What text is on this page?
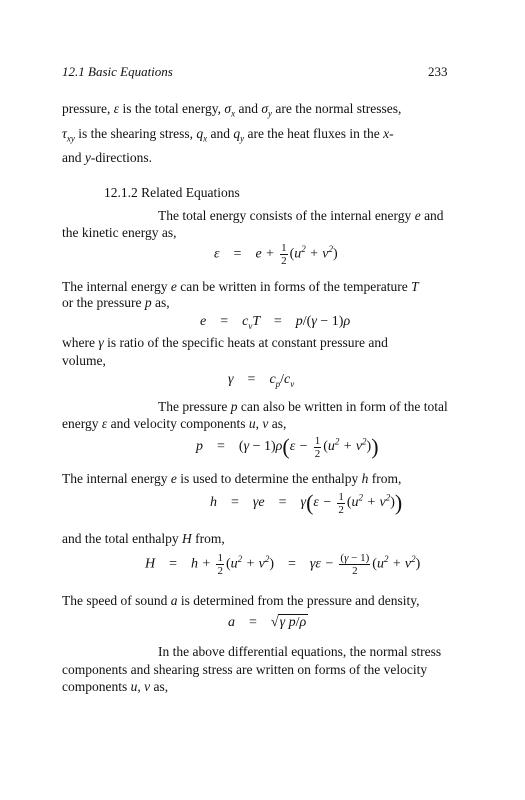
12.1 Basic Equations	233
pressure, ε is the total energy, $\sigma_x$ and $\sigma_y$ are the normal stresses,
$\tau_{xy}$ is the shearing stress, $q_x$ and $q_y$ are the heat fluxes in the x-
and y-directions.
12.1.2 Related Equations
The total energy consists of the internal energy e and
the kinetic energy as,
ε    =    $e + \frac{1}{2} (u^2 + v^2)$
The internal energy e can be written in forms of the temperature T
or the pressure p as,
e    =    $c_vT$    =    p/(γ − 1)ρ
where γ is ratio of the specific heats at constant pressure and
volume,
γ    =    $c_p/c_v$
The pressure p can also be written in form of the total
energy ε and velocity components u, v as,
p    = $(\gamma - 1)\rho(\varepsilon - \frac{1}{2} (u^2 + v^2))$
The internal energy e is used to determine the enthalpy h from,
h    =    γe    =    $\gamma(\varepsilon - \frac{1}{2} (u^2 + v^2))$
and the total enthalpy H from,
H    =    $h + \frac{1}{2} (u^2 + v^2)$ =    $\gamma\varepsilon - \frac{(\gamma - 1)}{2} (u^2 + v^2)$
The speed of sound a is determined from the pressure and density,
a    = √γ p/ρ
In the above differential equations, the normal stress
components and shearing stress are written on forms of the velocity
components u, v as,
